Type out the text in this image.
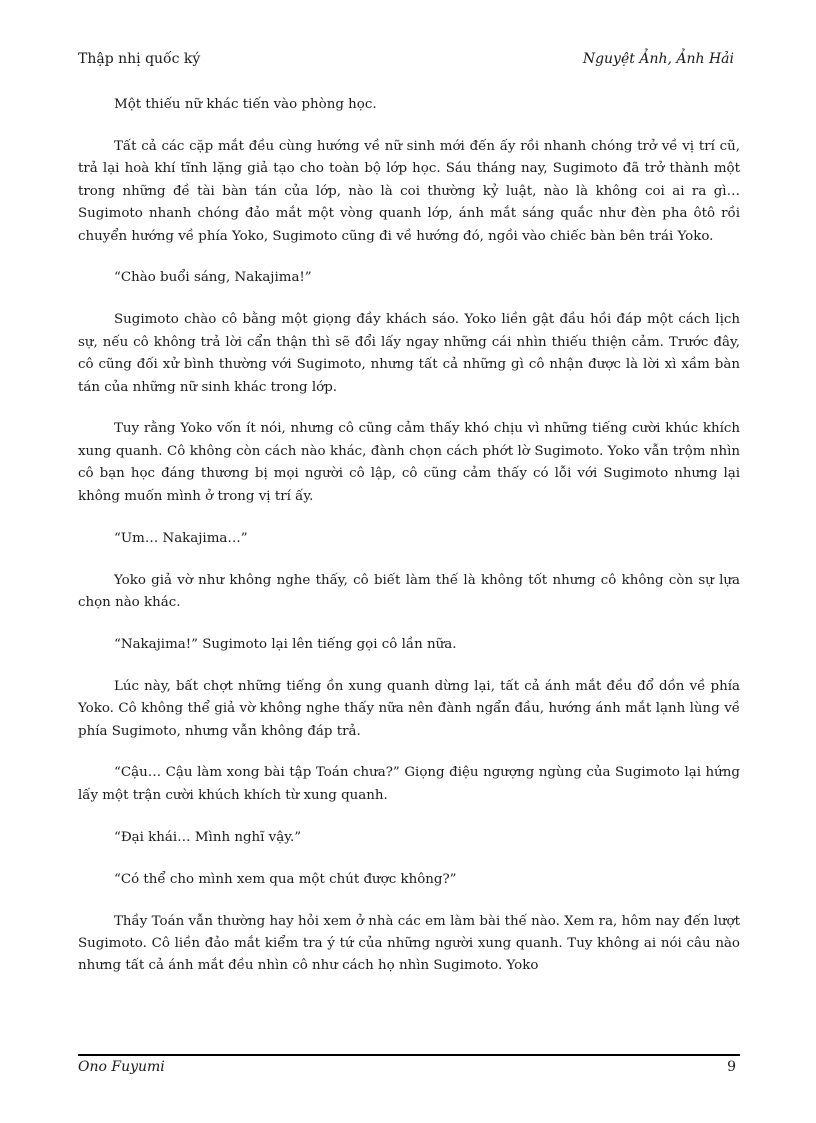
Thập nhị quốc ký	Nguyệt Ảnh, Ảnh Hải

Một thiếu nữ khác tiến vào phòng học.

Tất cả các cặp mắt đều cùng hướng về nữ sinh mới đến ấy rồi nhanh chóng trở về vị trí cũ, trả lại hoà khí tĩnh lặng giả tạo cho toàn bộ lớp học. Sáu tháng nay, Sugimoto đã trở thành một trong những đề tài bàn tán của lớp, nào là coi thường kỷ luật, nào là không coi ai ra gì… Sugimoto nhanh chóng đảo mắt một vòng quanh lớp, ánh mắt sáng quắc như đèn pha ôtô rồi chuyển hướng về phía Yoko, Sugimoto cũng đi về hướng đó, ngồi vào chiếc bàn bên trái Yoko.

“Chào buổi sáng, Nakajima!”

Sugimoto chào cô bằng một giọng đầy khách sáo. Yoko liền gật đầu hồi đáp một cách lịch sự, nếu cô không trả lời cẩn thận thì sẽ đổi lấy ngay những cái nhìn thiếu thiện cảm. Trước đây, cô cũng đối xử bình thường với Sugimoto, nhưng tất cả những gì cô nhận được là lời xì xầm bàn tán của những nữ sinh khác trong lớp.

Tuy rằng Yoko vốn ít nói, nhưng cô cũng cảm thấy khó chịu vì những tiếng cười khúc khích xung quanh. Cô không còn cách nào khác, đành chọn cách phớt lờ Sugimoto. Yoko vẫn trộm nhìn cô bạn học đáng thương bị mọi người cô lập, cô cũng cảm thấy có lỗi với Sugimoto nhưng lại không muốn mình ở trong vị trí ấy.

“Um… Nakajima…”

Yoko giả vờ như không nghe thấy, cô biết làm thế là không tốt nhưng cô không còn sự lựa chọn nào khác.

“Nakajima!” Sugimoto lại lên tiếng gọi cô lần nữa.

Lúc này, bất chợt những tiếng ồn xung quanh dừng lại, tất cả ánh mắt đều đổ dồn về phía Yoko. Cô không thể giả vờ không nghe thấy nữa nên đành ngẩn đầu, hướng ánh mắt lạnh lùng về phía Sugimoto, nhưng vẫn không đáp trả.

“Cậu… Cậu làm xong bài tập Toán chưa?” Giọng điệu ngượng ngùng của Sugimoto lại hứng lấy một trận cười khúch khích từ xung quanh.

“Đại khái… Mình nghĩ vậy.”

“Có thể cho mình xem qua một chút được không?”

Thầy Toán vẫn thường hay hỏi xem ở nhà các em làm bài thế nào. Xem ra, hôm nay đến lượt Sugimoto. Cô liền đảo mắt kiểm tra ý tứ của những người xung quanh. Tuy không ai nói câu nào nhưng tất cả ánh mắt đều nhìn cô như cách họ nhìn Sugimoto. Yoko

Ono Fuyumi	9
